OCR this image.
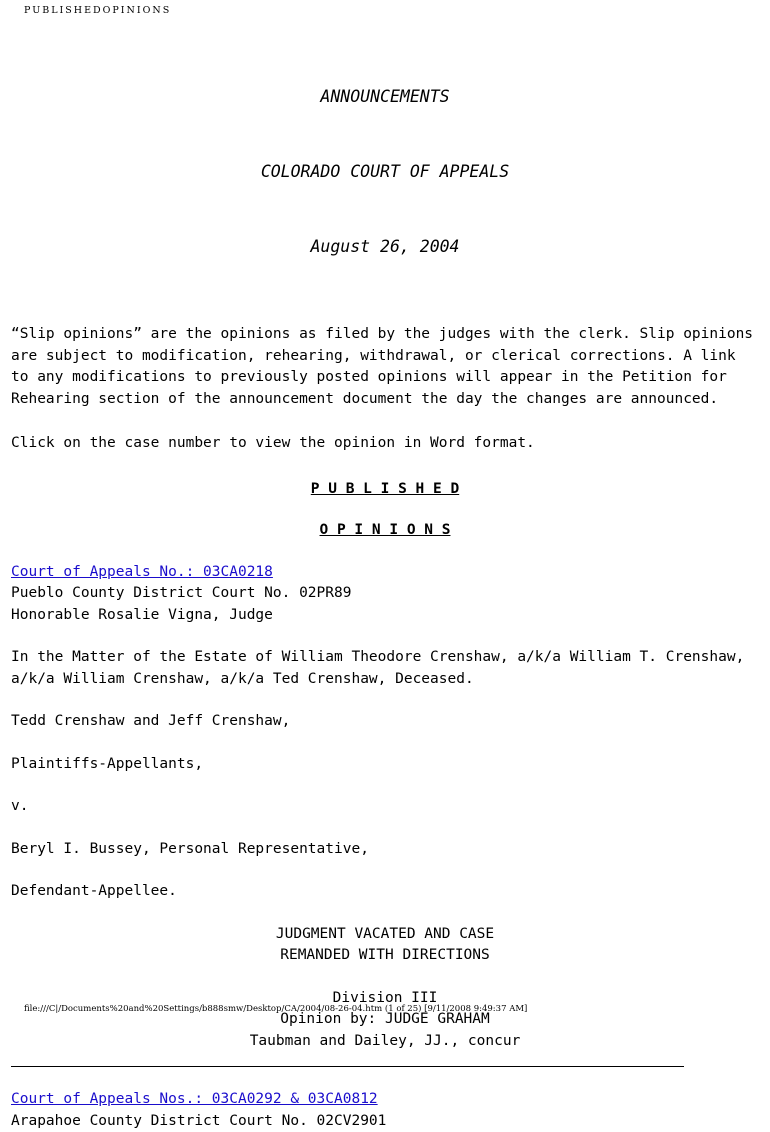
PUBLISHEDOPINIONS

ANNOUNCEMENTS

COLORADO COURT OF APPEALS

August 26, 2004

“Slip opinions” are the opinions as filed by the judges with the clerk. Slip opinions are subject to modification, rehearing, withdrawal, or clerical corrections. A link to any modifications to previously posted opinions will appear in the Petition for Rehearing section of the announcement document the day the changes are announced.

Click on the case number to view the opinion in Word format.

P U B L I S H E D
O P I N I O N S
Court of Appeals No.: 03CA0218
Pueblo County District Court No. 02PR89
Honorable Rosalie Vigna, Judge
In the Matter of the Estate of William Theodore Crenshaw, a/k/a William T. Crenshaw, a/k/a William Crenshaw, a/k/a Ted Crenshaw, Deceased.
Tedd Crenshaw and Jeff Crenshaw,
Plaintiffs-Appellants,
v.
Beryl I. Bussey, Personal Representative,
Defendant-Appellee.
JUDGMENT VACATED AND CASE
REMANDED WITH DIRECTIONS
Division III
Opinion by: JUDGE GRAHAM
Taubman and Dailey, JJ., concur
Court of Appeals Nos.: 03CA0292 & 03CA0812
Arapahoe County District Court No. 02CV2901
file:///C|/Documents%20and%20Settings/b888smw/Desktop/CA/2004/08-26-04.htm (1 of 25) [9/11/2008 9:49:37 AM]
